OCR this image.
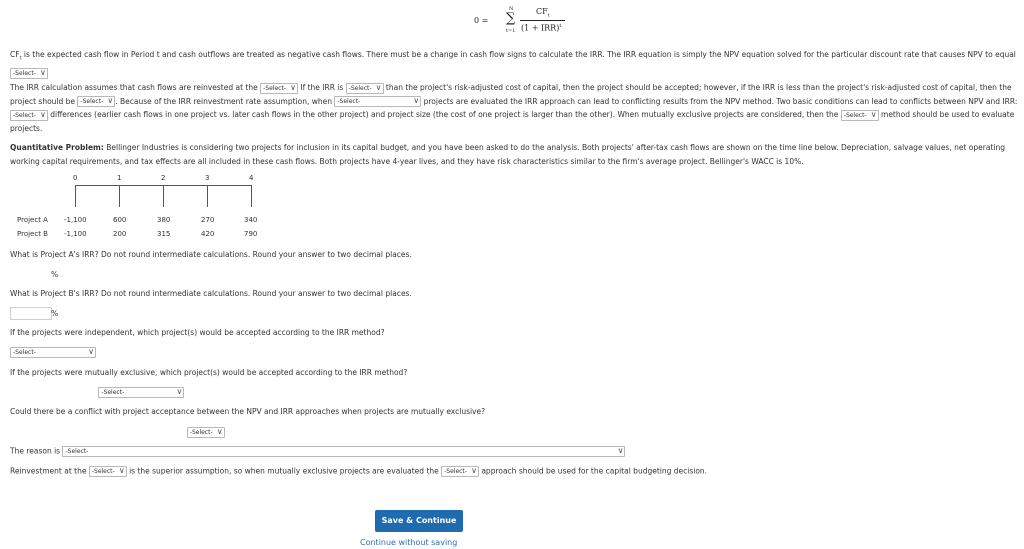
0 =
N
∑
t=1
$CF_t$
(1 + IRR)$^t$
$CF_t$ is the expected cash flow in Period t and cash outflows are treated as negative cash flows. There must be a change in cash flow signs to calculate the IRR. The IRR equation is simply the NPV equation solved for the particular discount rate that causes NPV to equal
-Select- ∨
The IRR calculation assumes that cash flows are reinvested at the -Select- ∨ If the IRR is -Select- ∨ than the project's risk-adjusted cost of capital, then the project should be accepted; however, if the IRR is less than the project's risk-adjusted cost of capital, then the project should be -Select- ∨ . Because of the IRR reinvestment rate assumption, when -Select-	∨ projects are evaluated the IRR approach can lead to conflicting results from the NPV method. Two basic conditions can lead to conflicts between NPV and IRR: -Select- ∨ differences (earlier cash flows in one project vs. later cash flows in the other project) and project size (the cost of one project is larger than the other). When mutually exclusive projects are considered, then the -Select- ∨ method should be used to evaluate projects.
Quantitative Problem: Bellinger Industries is considering two projects for inclusion in its capital budget, and you have been asked to do the analysis. Both projects' after-tax cash flows are shown on the time line below. Depreciation, salvage values, net operating working capital requirements, and tax effects are all included in these cash flows. Both projects have 4-year lives, and they have risk characteristics similar to the firm's average project. Bellinger's WACC is 10%.
0	1	2	3	4
Project A -1,100	600	380	270	340
Project B -1,100	200	315	420	790
What is Project A's IRR? Do not round intermediate calculations. Round your answer to two decimal places.
%
What is Project B's IRR? Do not round intermediate calculations. Round your answer to two decimal places.
%
If the projects were independent, which project(s) would be accepted according to the IRR method?
-Select-	∨

If the projects were mutually exclusive, which project(s) would be accepted according to the IRR method?
-Select-	∨

Could there be a conflict with project acceptance between the NPV and IRR approaches when projects are mutually exclusive?
-Select- ∨
The reason is -Select-	∨
Reinvestment at the -Select- ∨ is the superior assumption, so when mutually exclusive projects are evaluated the -Select- ∨ approach should be used for the capital budgeting decision.
Save & Continue
Continue without saving
